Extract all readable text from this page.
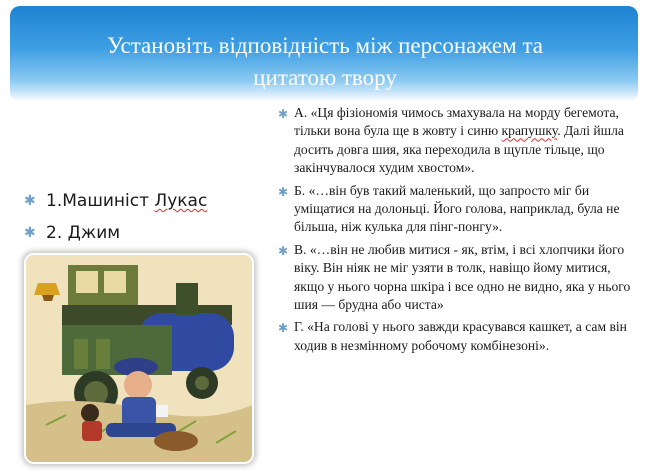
Установіть відповідність між персонажем та
цитатою твору
✱ 1.Машиніст Лукас
✱ 2. Джим
✱ А. «Ця фізіономія чимось змахувала на морду бегемота, тільки вона була ще в жовту і синю крапушку. Далі йшла досить довга шия, яка переходила в щупле тільце, що закінчувалося худим хвостом».
✱ Б. «…він був такий маленький, що запросто міг би уміщатися на долоньці. Його голова, наприклад, була не більша, ніж кулька для пінг-понгу».
✱ В. «…він не любив митися - як, втім, і всі хлопчики його віку. Він ніяк не міг узяти в толк, навіщо йому митися, якщо у нього чорна шкіра і все одно не видно, яка у нього шия — брудна або чиста»
✱ Г. «На голові у нього завжди красувався кашкет, а сам він ходив в незмінному робочому комбінезоні».
